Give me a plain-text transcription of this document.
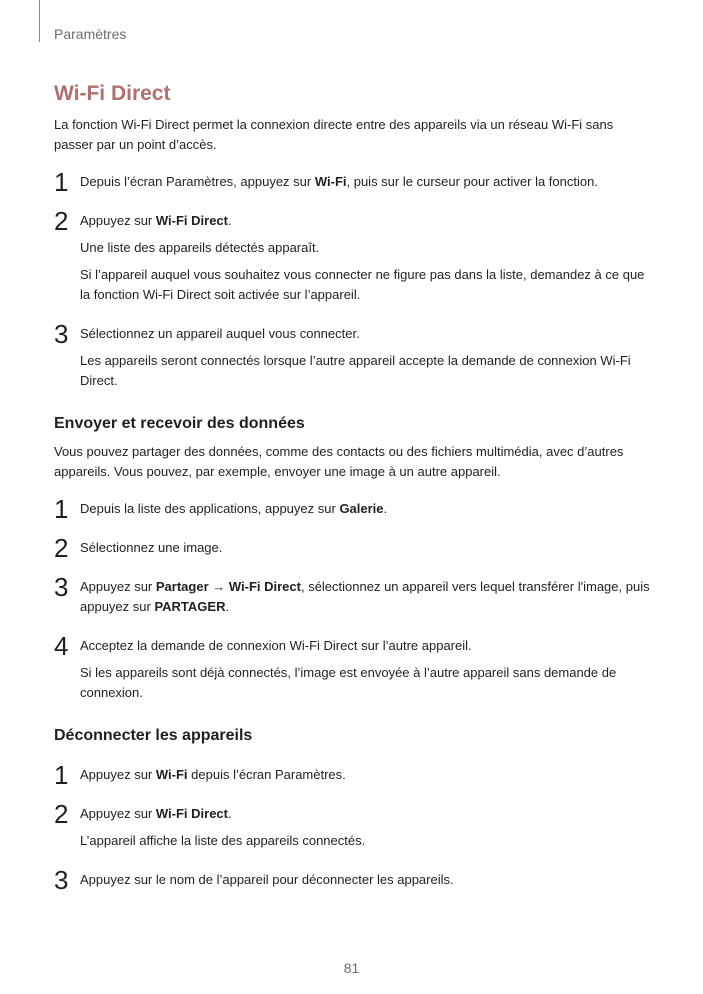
Paramètres
Wi-Fi Direct

La fonction Wi-Fi Direct permet la connexion directe entre des appareils via un réseau Wi-Fi sans passer par un point d’accès.

1 Depuis l’écran Paramètres, appuyez sur Wi-Fi, puis sur le curseur pour activer la fonction.

2 Appuyez sur Wi-Fi Direct.

Une liste des appareils détectés apparaît.

Si l’appareil auquel vous souhaitez vous connecter ne figure pas dans la liste, demandez à ce que la fonction Wi-Fi Direct soit activée sur l’appareil.

3 Sélectionnez un appareil auquel vous connecter.

Les appareils seront connectés lorsque l’autre appareil accepte la demande de connexion Wi-Fi Direct.

Envoyer et recevoir des données

Vous pouvez partager des données, comme des contacts ou des fichiers multimédia, avec d’autres appareils. Vous pouvez, par exemple, envoyer une image à un autre appareil.

1 Depuis la liste des applications, appuyez sur Galerie.

2 Sélectionnez une image.

3 Appuyez sur Partager → Wi-Fi Direct, sélectionnez un appareil vers lequel transférer l'image, puis appuyez sur PARTAGER.

4 Acceptez la demande de connexion Wi-Fi Direct sur l’autre appareil.

Si les appareils sont déjà connectés, l’image est envoyée à l’autre appareil sans demande de connexion.

Déconnecter les appareils
1 Appuyez sur Wi-Fi depuis l’écran Paramètres.

2 Appuyez sur Wi-Fi Direct.

L’appareil affiche la liste des appareils connectés.

3 Appuyez sur le nom de l’appareil pour déconnecter les appareils.

81
